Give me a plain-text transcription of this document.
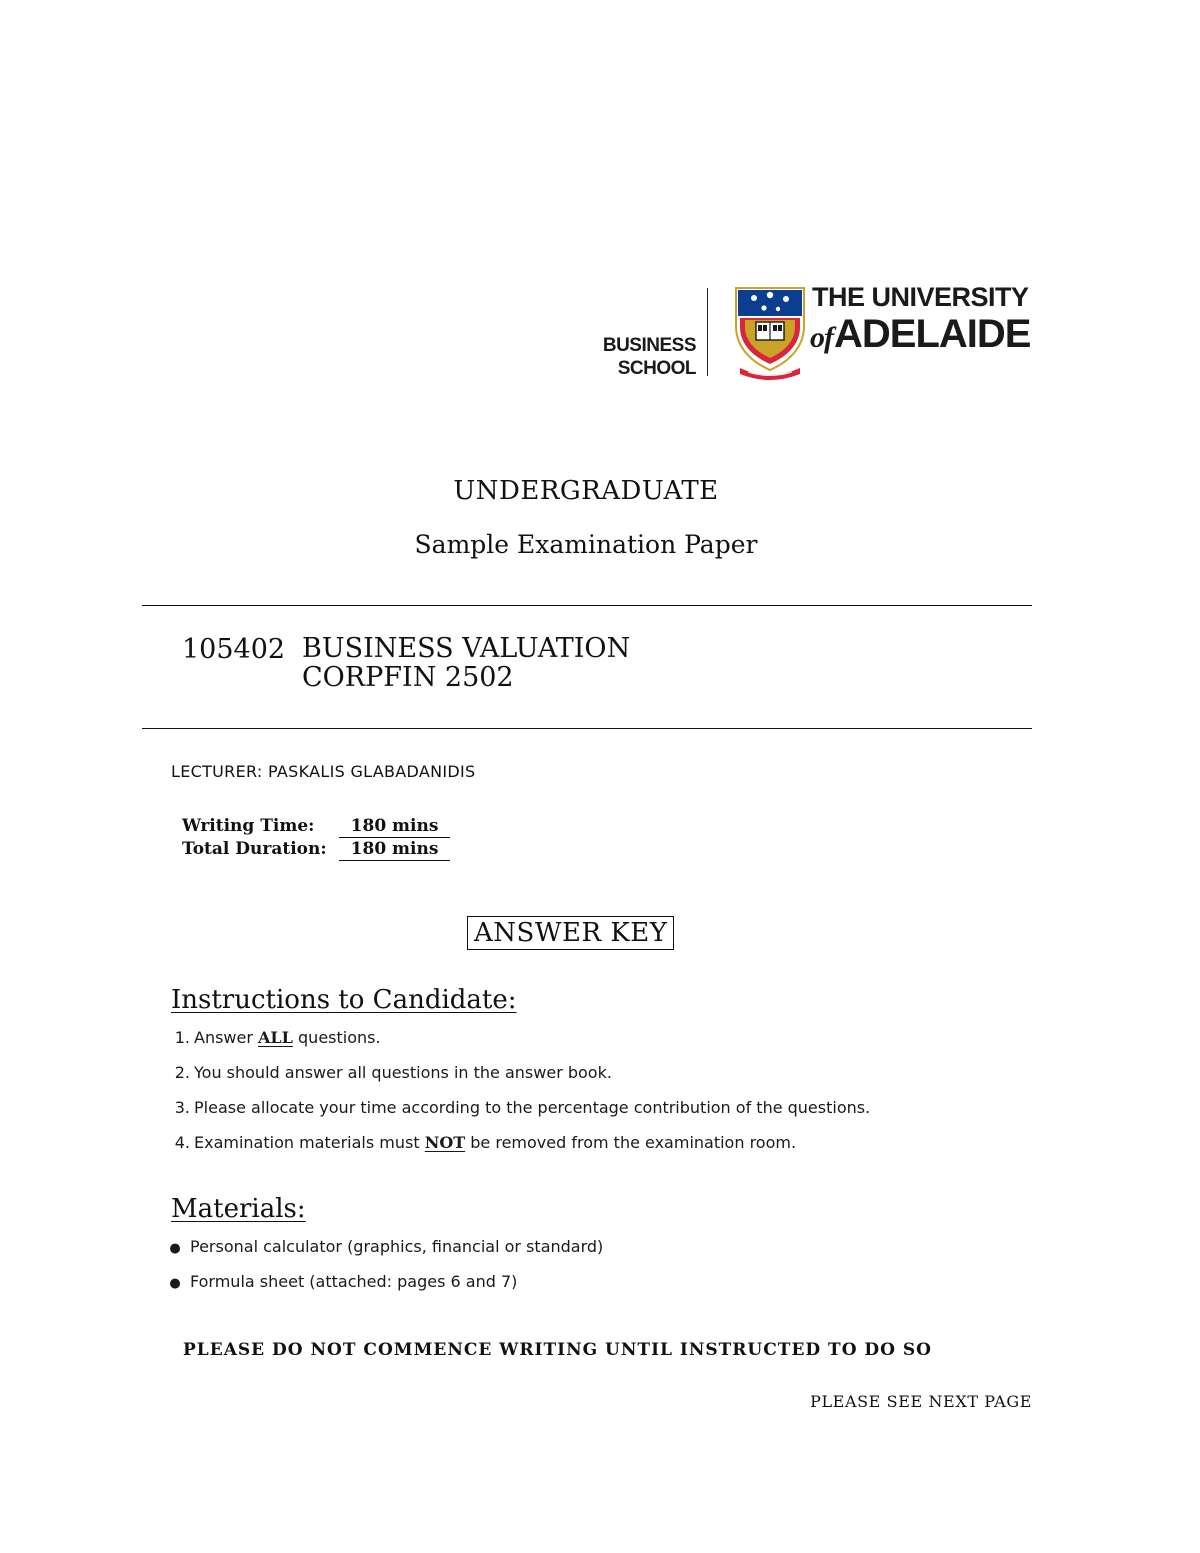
BUSINESS
SCHOOL
THE UNIVERSITY
ofADELAIDE
UNDERGRADUATE
Sample Examination Paper
105402 BUSINESS VALUATION
CORPFIN 2502
LECTURER: PASKALIS GLABADANIDIS
Writing Time:	180 mins
Total Duration:	180 mins
ANSWER KEY
Instructions to Candidate:
1. Answer ALL questions.
2. You should answer all questions in the answer book.
3. Please allocate your time according to the percentage contribution of the questions.
4. Examination materials must NOT be removed from the examination room.
Materials:
● Personal calculator (graphics, financial or standard)
● Formula sheet (attached: pages 6 and 7)
PLEASE DO NOT COMMENCE WRITING UNTIL INSTRUCTED TO DO SO
PLEASE SEE NEXT PAGE
